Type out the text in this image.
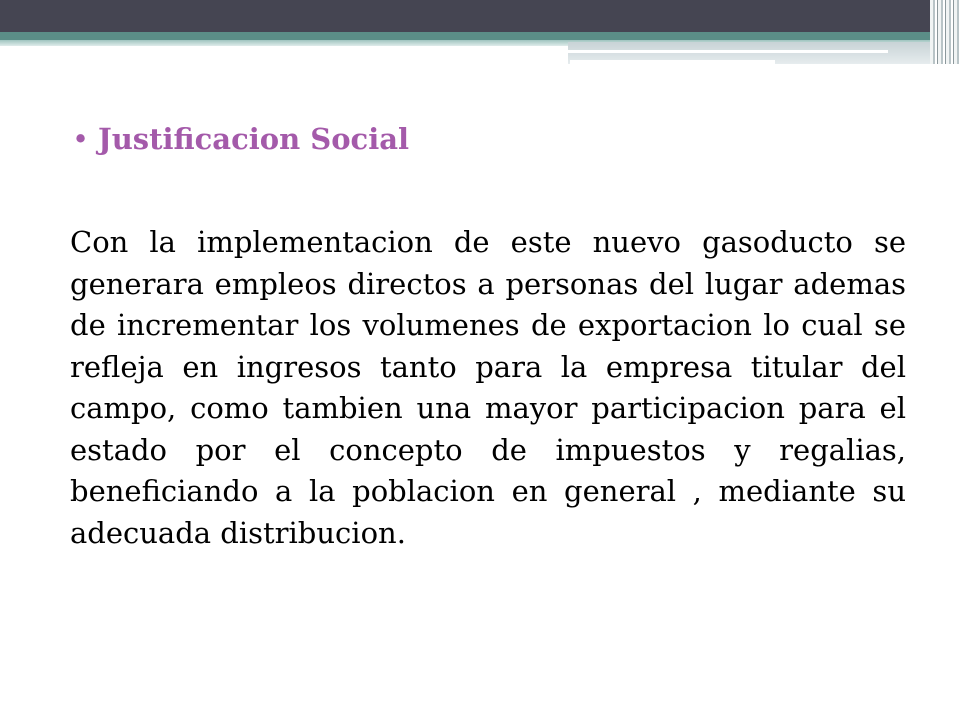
• Justificacion Social

Con la implementacion de este nuevo gasoducto se generara empleos directos a personas del lugar ademas de incrementar los volumenes de exportacion lo cual se refleja en ingresos tanto para la empresa titular del campo, como tambien una mayor participacion para el estado por el concepto de impuestos y regalias, beneficiando a la poblacion en general , mediante su adecuada distribucion.
